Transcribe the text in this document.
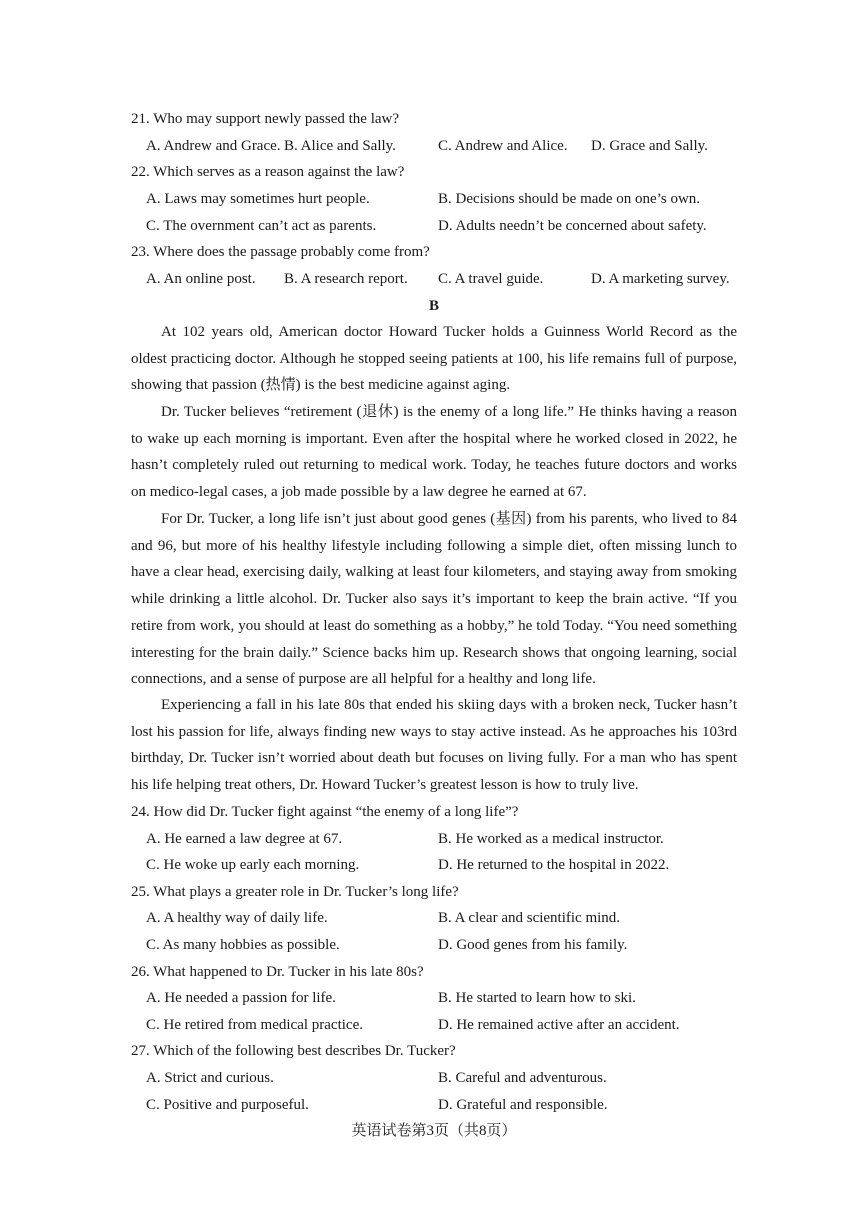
21. Who may support newly passed the law?
A. Andrew and Grace. B. Alice and Sally.	C. Andrew and Alice. D. Grace and Sally.
22. Which serves as a reason against the law?
A. Laws may sometimes hurt people.	B. Decisions should be made on one’s own.
C. The overnment can’t act as parents.	D. Adults needn’t be concerned about safety.
23. Where does the passage probably come from?
A. An online post. B. A research report. C. A travel guide.	D. A marketing survey.
B
At 102 years old, American doctor Howard Tucker holds a Guinness World Record as the oldest practicing doctor. Although he stopped seeing patients at 100, his life remains full of purpose, showing that passion (热情) is the best medicine against aging.
Dr. Tucker believes “retirement (退休) is the enemy of a long life.” He thinks having a reason to wake up each morning is important. Even after the hospital where he worked closed in 2022, he hasn’t completely ruled out returning to medical work. Today, he teaches future doctors and works on medico-legal cases, a job made possible by a law degree he earned at 67.
For Dr. Tucker, a long life isn’t just about good genes (基因) from his parents, who lived to 84 and 96, but more of his healthy lifestyle including following a simple diet, often missing lunch to have a clear head, exercising daily, walking at least four kilometers, and staying away from smoking while drinking a little alcohol. Dr. Tucker also says it’s important to keep the brain active. “If you retire from work, you should at least do something as a hobby,” he told Today. “You need something interesting for the brain daily.” Science backs him up. Research shows that ongoing learning, social connections, and a sense of purpose are all helpful for a healthy and long life.
Experiencing a fall in his late 80s that ended his skiing days with a broken neck, Tucker hasn’t lost his passion for life, always finding new ways to stay active instead. As he approaches his 103rd birthday, Dr. Tucker isn’t worried about death but focuses on living fully. For a man who has spent his life helping treat others, Dr. Howard Tucker’s greatest lesson is how to truly live.
24. How did Dr. Tucker fight against “the enemy of a long life”?
A. He earned a law degree at 67.	B. He worked as a medical instructor.
C. He woke up early each morning.	D. He returned to the hospital in 2022.
25. What plays a greater role in Dr. Tucker’s long life?
A. A healthy way of daily life.	B. A clear and scientific mind.
C. As many hobbies as possible.	D. Good genes from his family.
26. What happened to Dr. Tucker in his late 80s?
A. He needed a passion for life.	B. He started to learn how to ski.
C. He retired from medical practice.	D. He remained active after an accident.
27. Which of the following best describes Dr. Tucker?
A. Strict and curious.	B. Careful and adventurous.
C. Positive and purposeful.	D. Grateful and responsible.
英语试卷第3页（共8页）
